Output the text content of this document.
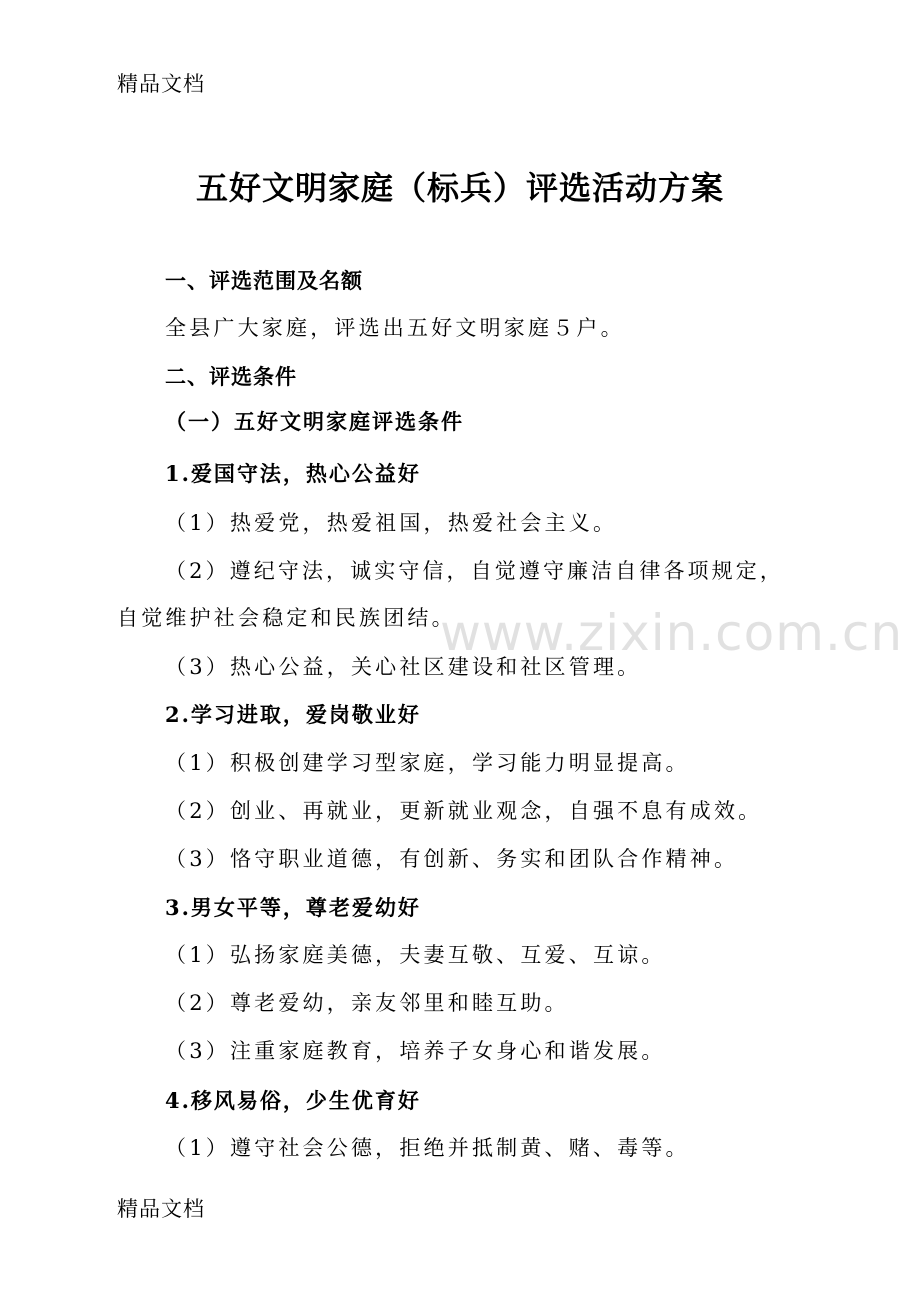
精品文档
五好文明家庭（标兵）评选活动方案
一、评选范围及名额
全县广大家庭，评选出五好文明家庭５户。
二、评选条件
（一）五好文明家庭评选条件
1.爱国守法，热心公益好
（1）热爱党，热爱祖国，热爱社会主义。
（2）遵纪守法，诚实守信，自觉遵守廉洁自律各项规定，
自觉维护社会稳定和民族团结。
（3）热心公益，关心社区建设和社区管理。
2.学习进取，爱岗敬业好
（1）积极创建学习型家庭，学习能力明显提高。
（2）创业、再就业，更新就业观念，自强不息有成效。
（3）恪守职业道德，有创新、务实和团队合作精神。
3.男女平等，尊老爱幼好
（1）弘扬家庭美德，夫妻互敬、互爱、互谅。
（2）尊老爱幼，亲友邻里和睦互助。
（3）注重家庭教育，培养子女身心和谐发展。
4.移风易俗，少生优育好
（1）遵守社会公德，拒绝并抵制黄、赌、毒等。
www.zixin.com.cn
精品文档
